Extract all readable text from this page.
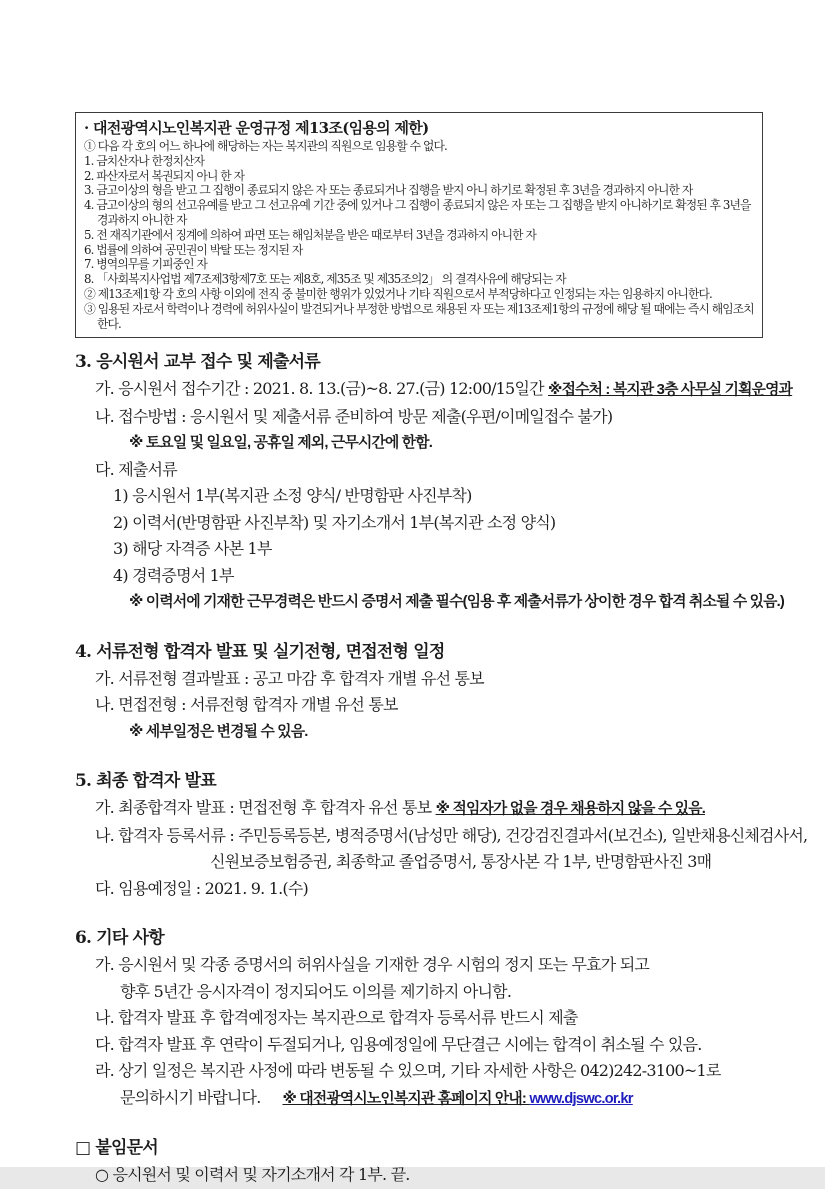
· 대전광역시노인복지관 운영규정 제13조(임용의 제한)
① 다음 각 호의 어느 하나에 해당하는 자는 복지관의 직원으로 임용할 수 없다.
1. 금치산자나 한정치산자
2. 파산자로서 복권되지 아니 한 자
3. 금고이상의 형을 받고 그 집행이 종료되지 않은 자 또는 종료되거나 집행을 받지 아니 하기로 확정된 후 3년을 경과하지 아니한 자
4. 금고이상의 형의 선고유예를 받고 그 선고유예 기간 중에 있거나 그 집행이 종료되지 않은 자 또는 그 집행을 받지 아니하기로 확정된 후 3년을 경과하지 아니한 자
5. 전 재직기관에서 징계에 의하여 파면 또는 해임처분을 받은 때로부터 3년을 경과하지 아니한 자
6. 법률에 의하여 공민권이 박탈 또는 정지된 자
7. 병역의무를 기피중인 자
8. 「사회복지사업법 제7조제3항제7호 또는 제8호, 제35조 및 제35조의2」 의 결격사유에 해당되는 자
② 제13조제1항 각 호의 사항 이외에 전직 중 불미한 행위가 있었거나 기타 직원으로서 부적당하다고 인정되는 자는 임용하지 아니한다.
③ 임용된 자로서 학력이나 경력에 허위사실이 발견되거나 부정한 방법으로 채용된 자 또는 제13조제1항의 규정에 해당 될 때에는 즉시 해임조치 한다.
3. 응시원서 교부 접수 및 제출서류
가. 응시원서 접수기간 : 2021. 8. 13.(금)~8. 27.(금) 12:00/15일간 ※접수처 : 복지관 3층 사무실 기획운영과
나. 접수방법 : 응시원서 및 제출서류 준비하여 방문 제출(우편/이메일접수 불가)
※ 토요일 및 일요일, 공휴일 제외, 근무시간에 한함.
다. 제출서류
1) 응시원서 1부(복지관 소정 양식/ 반명함판 사진부착)
2) 이력서(반명함판 사진부착) 및 자기소개서 1부(복지관 소정 양식)
3) 해당 자격증 사본 1부
4) 경력증명서 1부
※ 이력서에 기재한 근무경력은 반드시 증명서 제출 필수(임용 후 제출서류가 상이한 경우 합격 취소될 수 있음.)
4. 서류전형 합격자 발표 및 실기전형, 면접전형 일정
가. 서류전형 결과발표 : 공고 마감 후 합격자 개별 유선 통보
나. 면접전형 : 서류전형 합격자 개별 유선 통보
※ 세부일정은 변경될 수 있음.
5. 최종 합격자 발표
가. 최종합격자 발표 : 면접전형 후 합격자 유선 통보 ※ 적임자가 없을 경우 채용하지 않을 수 있음.
나. 합격자 등록서류 : 주민등록등본, 병적증명서(남성만 해당), 건강검진결과서(보건소), 일반채용신체검사서,
신원보증보험증권, 최종학교 졸업증명서, 통장사본 각 1부, 반명함판사진 3매
다. 임용예정일 : 2021. 9. 1.(수)
6. 기타 사항
가. 응시원서 및 각종 증명서의 허위사실을 기재한 경우 시험의 정지 또는 무효가 되고
향후 5년간 응시자격이 정지되어도 이의를 제기하지 아니함.
나. 합격자 발표 후 합격예정자는 복지관으로 합격자 등록서류 반드시 제출
다. 합격자 발표 후 연락이 두절되거나, 임용예정일에 무단결근 시에는 합격이 취소될 수 있음.
라. 상기 일정은 복지관 사정에 따라 변동될 수 있으며, 기타 자세한 사항은 042)242-3100~1로
문의하시기 바랍니다. ※ 대전광역시노인복지관 홈페이지 안내: www.djswc.or.kr
□ 붙임문서
○ 응시원서 및 이력서 및 자기소개서 각 1부. 끝.
